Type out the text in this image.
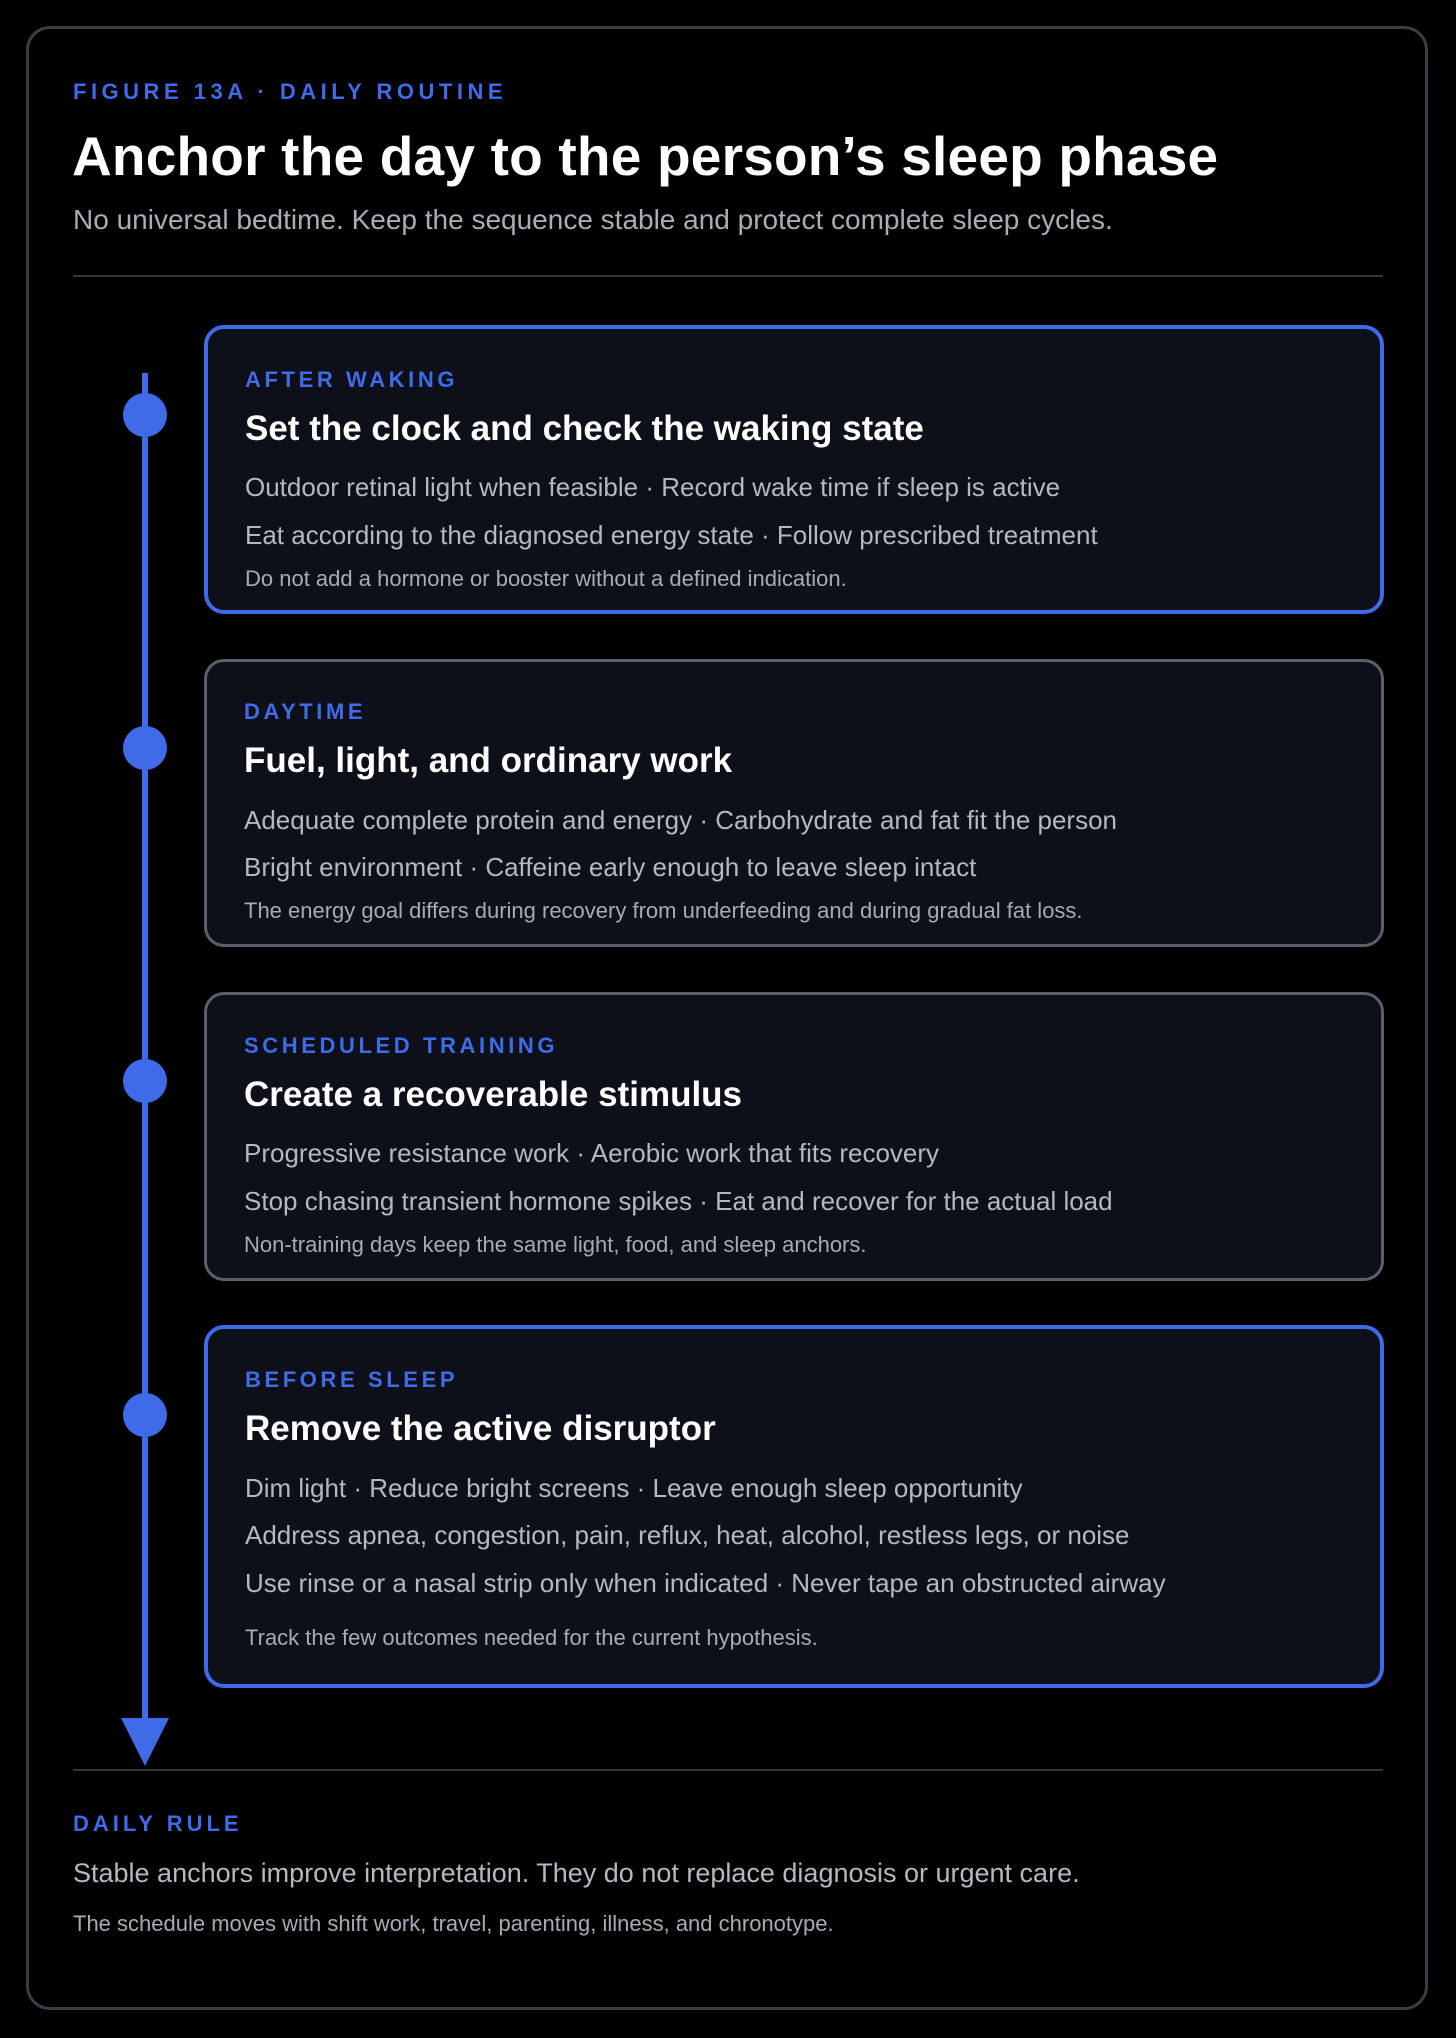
FIGURE 13A · DAILY ROUTINE
Anchor the day to the person’s sleep phase
No universal bedtime. Keep the sequence stable and protect complete sleep cycles.
AFTER WAKING
Set the clock and check the waking state
Outdoor retinal light when feasible · Record wake time if sleep is active
Eat according to the diagnosed energy state · Follow prescribed treatment
Do not add a hormone or booster without a defined indication.
DAYTIME
Fuel, light, and ordinary work
Adequate complete protein and energy · Carbohydrate and fat fit the person
Bright environment · Caffeine early enough to leave sleep intact
The energy goal differs during recovery from underfeeding and during gradual fat loss.
SCHEDULED TRAINING
Create a recoverable stimulus
Progressive resistance work · Aerobic work that fits recovery
Stop chasing transient hormone spikes · Eat and recover for the actual load
Non-training days keep the same light, food, and sleep anchors.
BEFORE SLEEP
Remove the active disruptor
Dim light · Reduce bright screens · Leave enough sleep opportunity
Address apnea, congestion, pain, reflux, heat, alcohol, restless legs, or noise
Use rinse or a nasal strip only when indicated · Never tape an obstructed airway
Track the few outcomes needed for the current hypothesis.
DAILY RULE
Stable anchors improve interpretation. They do not replace diagnosis or urgent care.
The schedule moves with shift work, travel, parenting, illness, and chronotype.
